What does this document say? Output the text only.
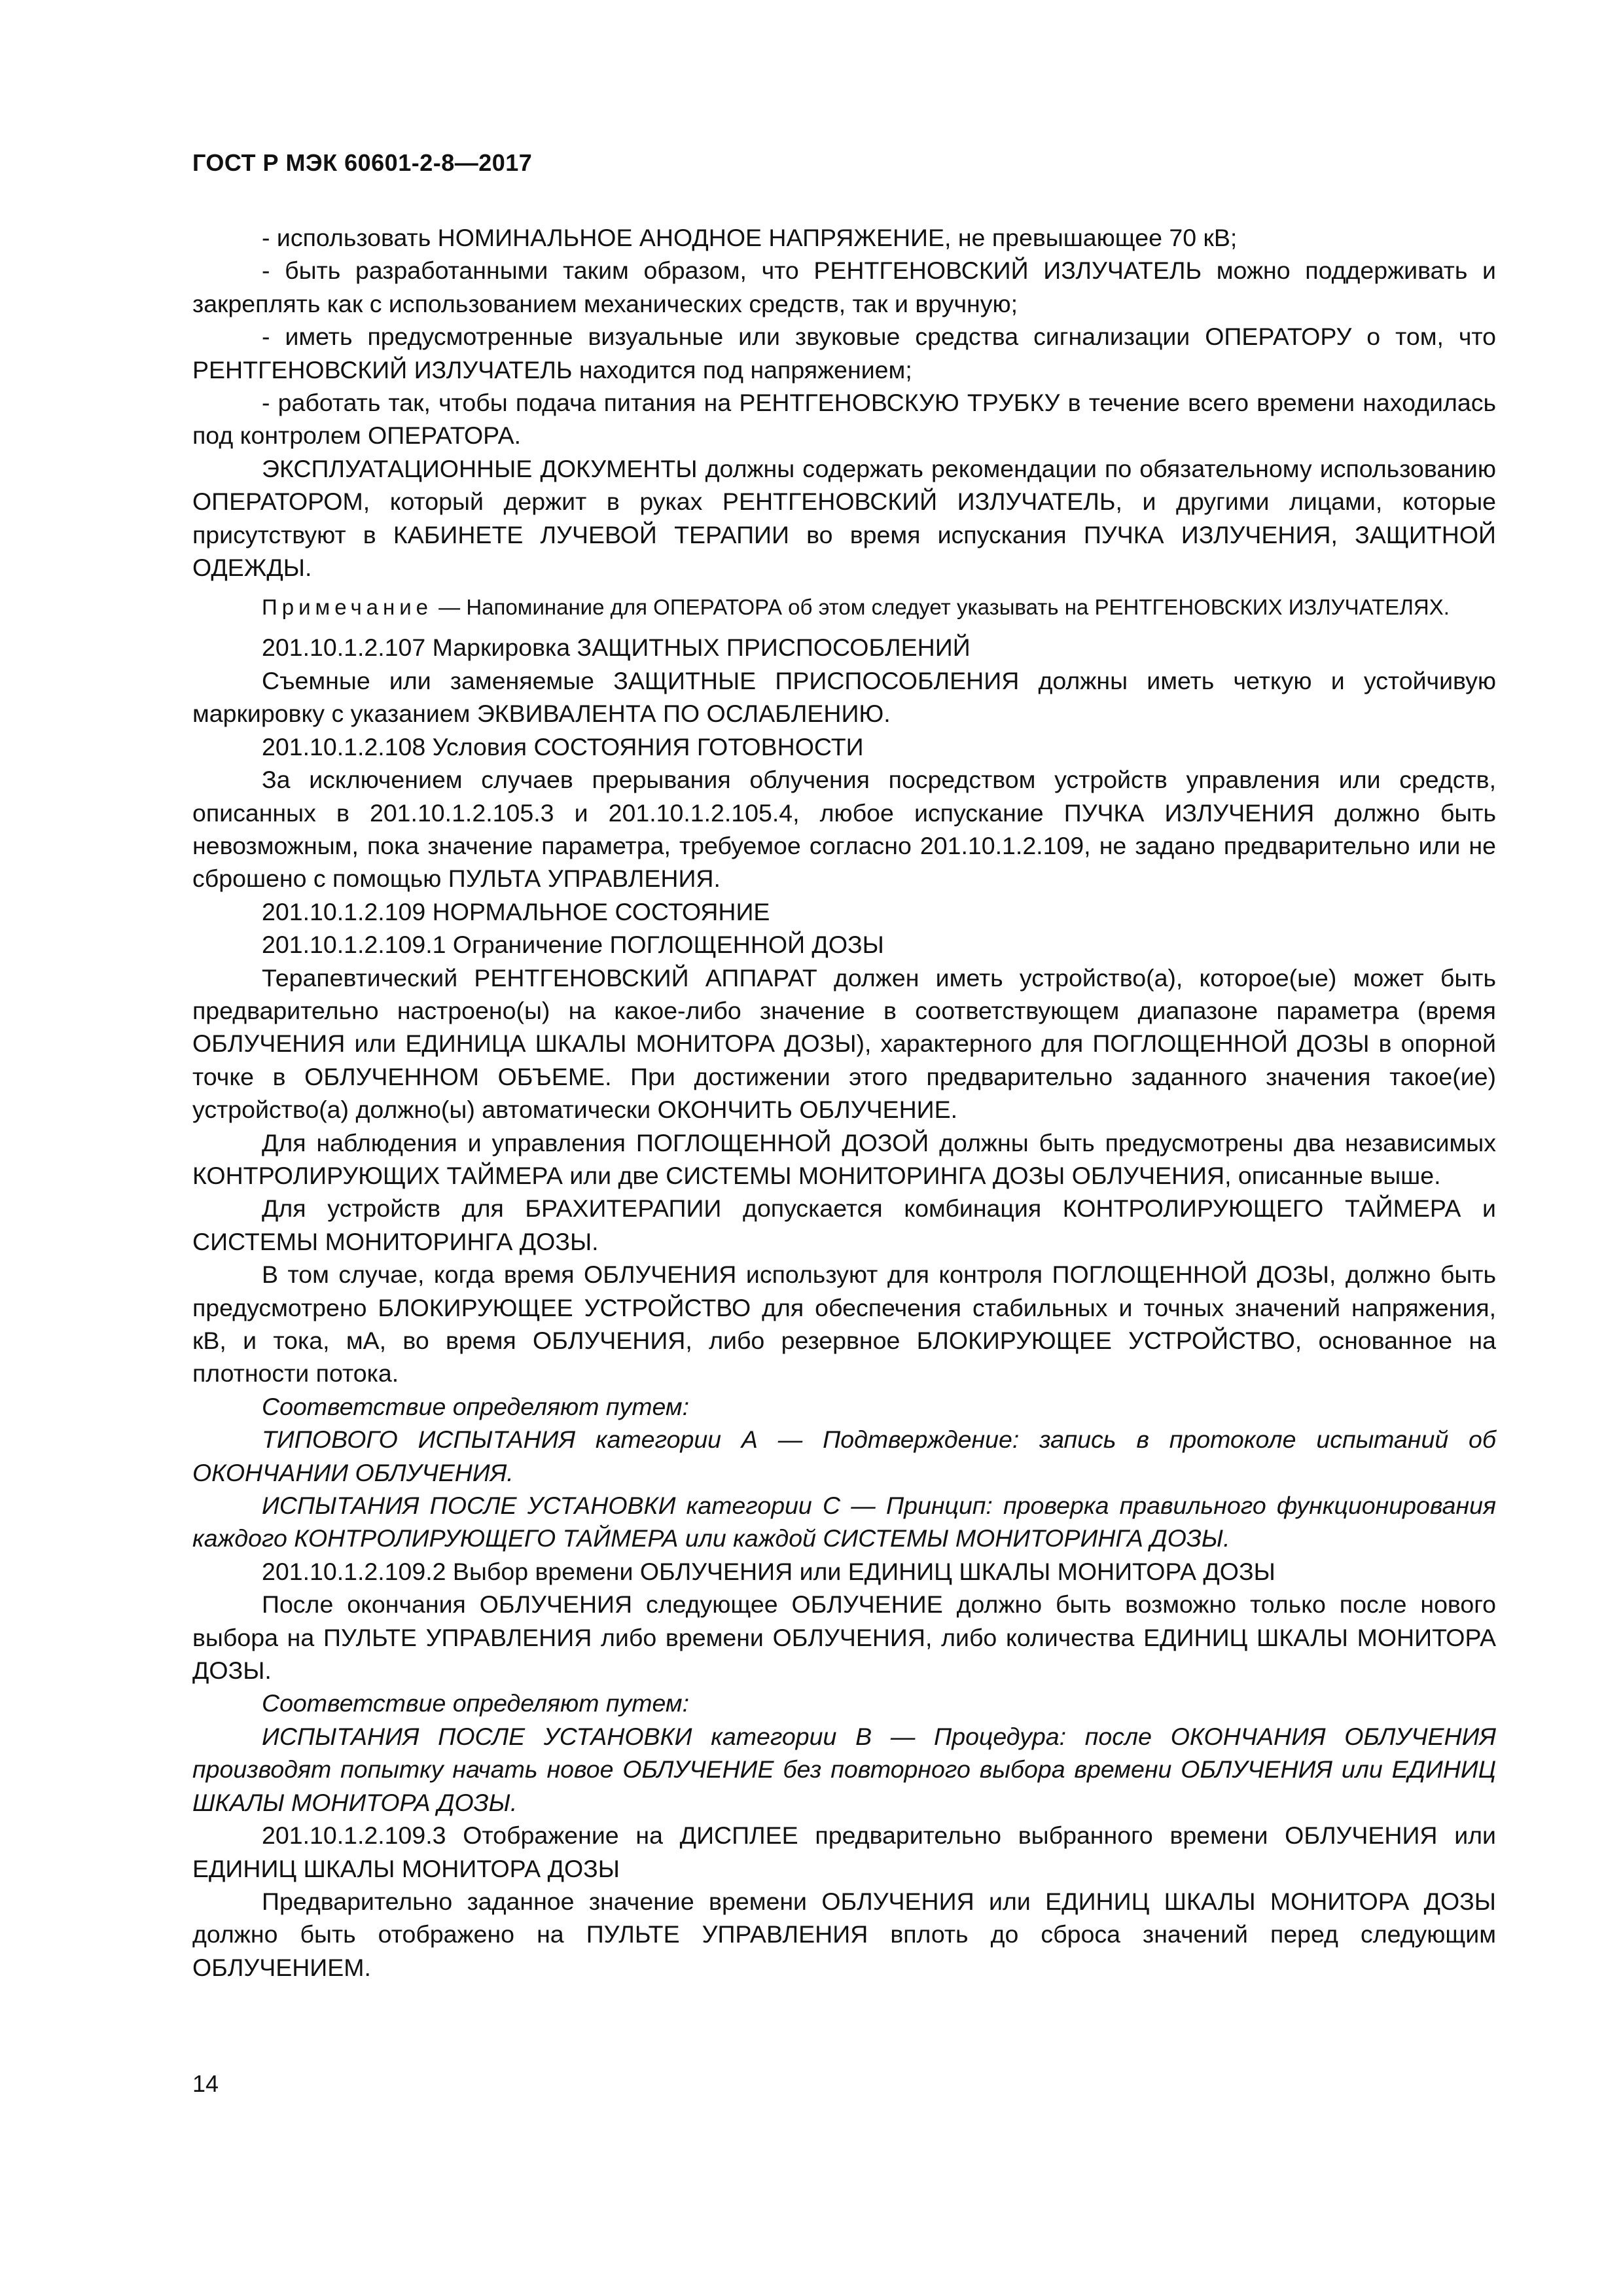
ГОСТ Р МЭК 60601-2-8—2017

- использовать НОМИНАЛЬНОЕ АНОДНОЕ НАПРЯЖЕНИЕ, не превышающее 70 кВ;

- быть разработанными таким образом, что РЕНТГЕНОВСКИЙ ИЗЛУЧАТЕЛЬ можно поддерживать и закреплять как с использованием механических средств, так и вручную;

- иметь предусмотренные визуальные или звуковые средства сигнализации ОПЕРАТОРУ о том, что РЕНТГЕНОВСКИЙ ИЗЛУЧАТЕЛЬ находится под напряжением;

- работать так, чтобы подача питания на РЕНТГЕНОВСКУЮ ТРУБКУ в течение всего времени находилась под контролем ОПЕРАТОРА.

ЭКСПЛУАТАЦИОННЫЕ ДОКУМЕНТЫ должны содержать рекомендации по обязательному использованию ОПЕРАТОРОМ, который держит в руках РЕНТГЕНОВСКИЙ ИЗЛУЧАТЕЛЬ, и другими лицами, которые присутствуют в КАБИНЕТЕ ЛУЧЕВОЙ ТЕРАПИИ во время испускания ПУЧКА ИЗЛУЧЕНИЯ, ЗАЩИТНОЙ ОДЕЖДЫ.

Примечание — Напоминание для ОПЕРАТОРА об этом следует указывать на РЕНТГЕНОВСКИХ ИЗЛУЧАТЕЛЯХ.

201.10.1.2.107 Маркировка ЗАЩИТНЫХ ПРИСПОСОБЛЕНИЙ

Съемные или заменяемые ЗАЩИТНЫЕ ПРИСПОСОБЛЕНИЯ должны иметь четкую и устойчивую маркировку с указанием ЭКВИВАЛЕНТА ПО ОСЛАБЛЕНИЮ.

201.10.1.2.108 Условия СОСТОЯНИЯ ГОТОВНОСТИ

За исключением случаев прерывания облучения посредством устройств управления или средств, описанных в 201.10.1.2.105.3 и 201.10.1.2.105.4, любое испускание ПУЧКА ИЗЛУЧЕНИЯ должно быть невозможным, пока значение параметра, требуемое согласно 201.10.1.2.109, не задано предварительно или не сброшено с помощью ПУЛЬТА УПРАВЛЕНИЯ.

201.10.1.2.109 НОРМАЛЬНОЕ СОСТОЯНИЕ

201.10.1.2.109.1 Ограничение ПОГЛОЩЕННОЙ ДОЗЫ

Терапевтический РЕНТГЕНОВСКИЙ АППАРАТ должен иметь устройство(а), которое(ые) может быть предварительно настроено(ы) на какое-либо значение в соответствующем диапазоне параметра (время ОБЛУЧЕНИЯ или ЕДИНИЦА ШКАЛЫ МОНИТОРА ДОЗЫ), характерного для ПОГЛОЩЕННОЙ ДОЗЫ в опорной точке в ОБЛУЧЕННОМ ОБЪЕМЕ. При достижении этого предварительно заданного значения такое(ие) устройство(а) должно(ы) автоматически ОКОНЧИТЬ ОБЛУЧЕНИЕ.

Для наблюдения и управления ПОГЛОЩЕННОЙ ДОЗОЙ должны быть предусмотрены два независимых КОНТРОЛИРУЮЩИХ ТАЙМЕРА или две СИСТЕМЫ МОНИТОРИНГА ДОЗЫ ОБЛУЧЕНИЯ, описанные выше.

Для устройств для БРАХИТЕРАПИИ допускается комбинация КОНТРОЛИРУЮЩЕГО ТАЙМЕРА и СИСТЕМЫ МОНИТОРИНГА ДОЗЫ.

В том случае, когда время ОБЛУЧЕНИЯ используют для контроля ПОГЛОЩЕННОЙ ДОЗЫ, должно быть предусмотрено БЛОКИРУЮЩЕЕ УСТРОЙСТВО для обеспечения стабильных и точных значений напряжения, кВ, и тока, мА, во время ОБЛУЧЕНИЯ, либо резервное БЛОКИРУЮЩЕЕ УСТРОЙСТВО, основанное на плотности потока.

Соответствие определяют путем:

ТИПОВОГО ИСПЫТАНИЯ категории А — Подтверждение: запись в протоколе испытаний об ОКОНЧАНИИ ОБЛУЧЕНИЯ.

ИСПЫТАНИЯ ПОСЛЕ УСТАНОВКИ категории С — Принцип: проверка правильного функционирования каждого КОНТРОЛИРУЮЩЕГО ТАЙМЕРА или каждой СИСТЕМЫ МОНИТОРИНГА ДОЗЫ.

201.10.1.2.109.2 Выбор времени ОБЛУЧЕНИЯ или ЕДИНИЦ ШКАЛЫ МОНИТОРА ДОЗЫ

После окончания ОБЛУЧЕНИЯ следующее ОБЛУЧЕНИЕ должно быть возможно только после нового выбора на ПУЛЬТЕ УПРАВЛЕНИЯ либо времени ОБЛУЧЕНИЯ, либо количества ЕДИНИЦ ШКАЛЫ МОНИТОРА ДОЗЫ.

Соответствие определяют путем:

ИСПЫТАНИЯ ПОСЛЕ УСТАНОВКИ категории В — Процедура: после ОКОНЧАНИЯ ОБЛУЧЕНИЯ производят попытку начать новое ОБЛУЧЕНИЕ без повторного выбора времени ОБЛУЧЕНИЯ или ЕДИНИЦ ШКАЛЫ МОНИТОРА ДОЗЫ.

201.10.1.2.109.3 Отображение на ДИСПЛЕЕ предварительно выбранного времени ОБЛУЧЕНИЯ или ЕДИНИЦ ШКАЛЫ МОНИТОРА ДОЗЫ

Предварительно заданное значение времени ОБЛУЧЕНИЯ или ЕДИНИЦ ШКАЛЫ МОНИТОРА ДОЗЫ должно быть отображено на ПУЛЬТЕ УПРАВЛЕНИЯ вплоть до сброса значений перед следующим ОБЛУЧЕНИЕМ.

14
